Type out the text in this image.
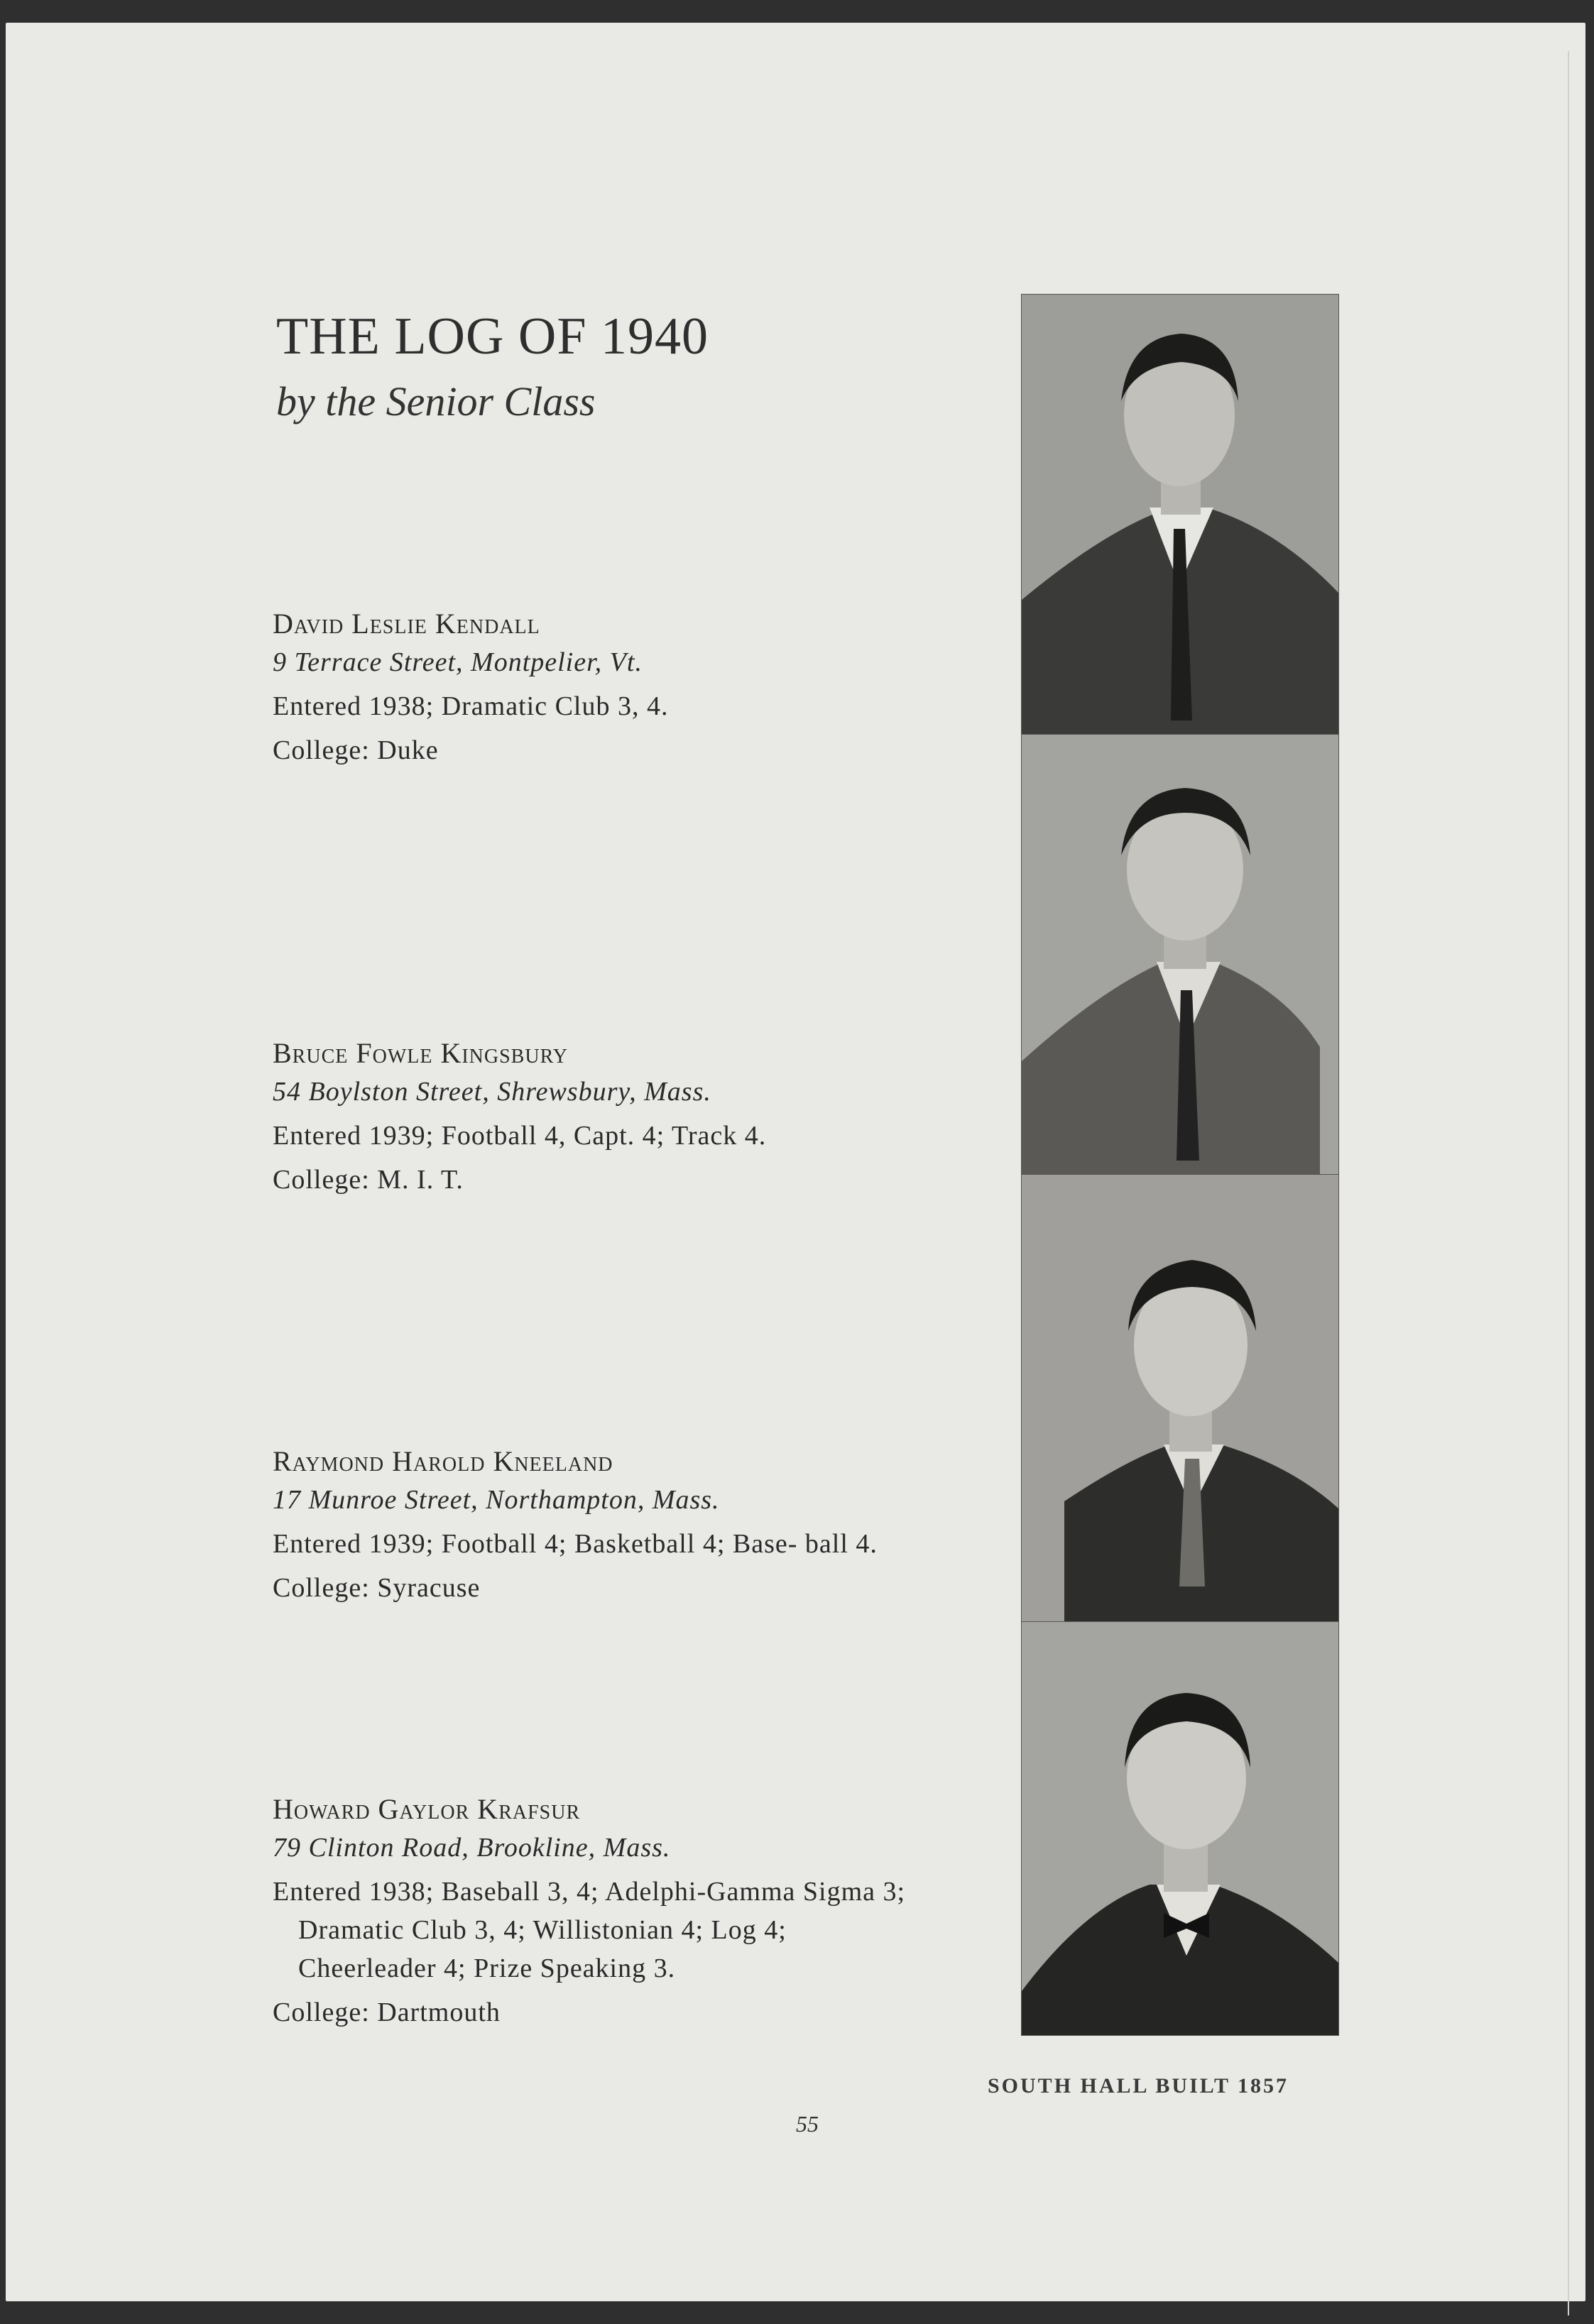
THE LOG OF 1940
by the Senior Class
David Leslie Kendall
9 Terrace Street, Montpelier, Vt.
Entered 1938; Dramatic Club 3, 4.
College: Duke
Bruce Fowle Kingsbury
54 Boylston Street, Shrewsbury, Mass.
Entered 1939; Football 4, Capt. 4; Track 4.
College: M. I. T.
Raymond Harold Kneeland
17 Munroe Street, Northampton, Mass.
Entered 1939; Football 4; Basketball 4; Base- ball 4.
College: Syracuse
Howard Gaylor Krafsur
79 Clinton Road, Brookline, Mass.
Entered 1938; Baseball 3, 4; Adelphi-Gamma Sigma 3; Dramatic Club 3, 4; Willistonian 4; Log 4; Cheerleader 4; Prize Speaking 3.
College: Dartmouth
SOUTH HALL BUILT 1857
55
